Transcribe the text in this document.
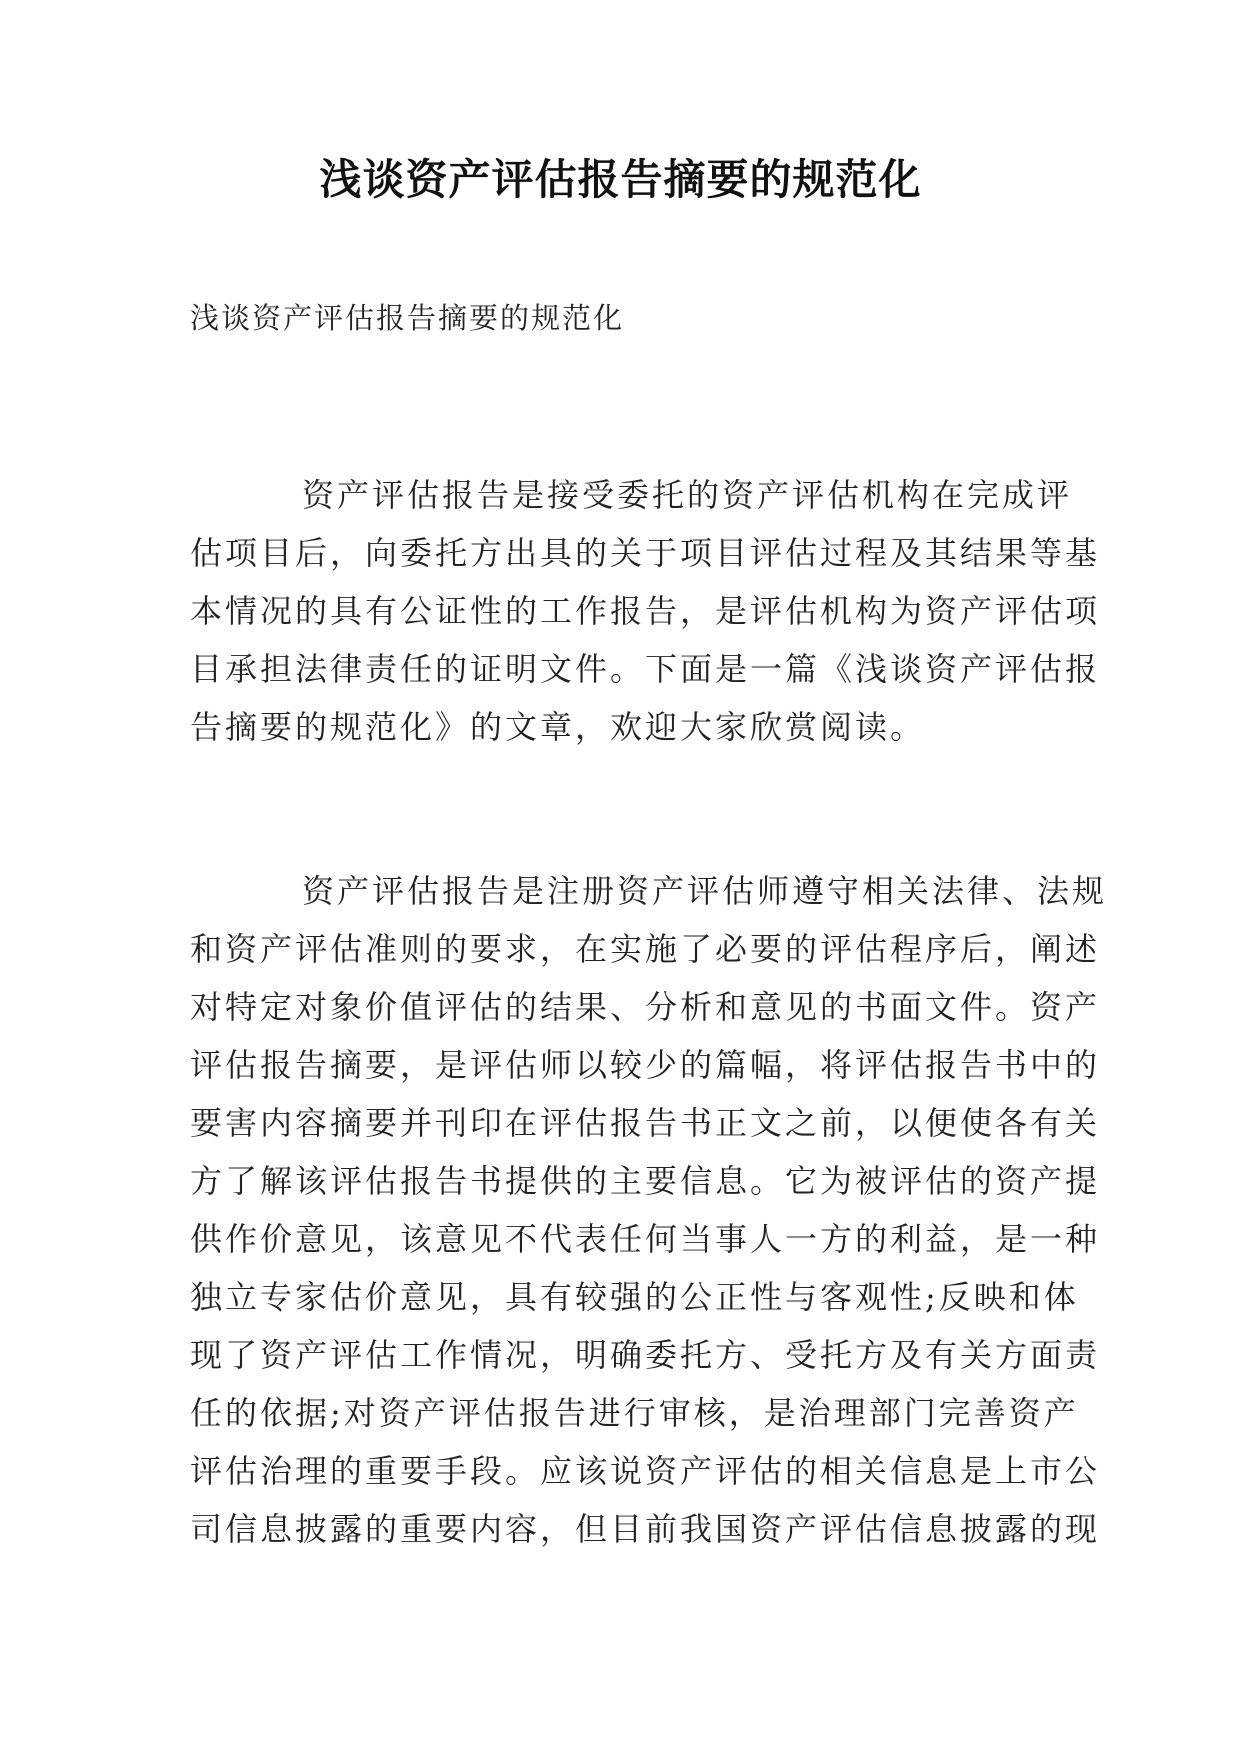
浅谈资产评估报告摘要的规范化
浅谈资产评估报告摘要的规范化

资产评估报告是接受委托的资产评估机构在完成评
估项目后，向委托方出具的关于项目评估过程及其结果等基
本情况的具有公证性的工作报告，是评估机构为资产评估项
目承担法律责任的证明文件。下面是一篇《浅谈资产评估报
告摘要的规范化》的文章，欢迎大家欣赏阅读。

资产评估报告是注册资产评估师遵守相关法律、法规
和资产评估准则的要求，在实施了必要的评估程序后，阐述
对特定对象价值评估的结果、分析和意见的书面文件。资产
评估报告摘要，是评估师以较少的篇幅，将评估报告书中的
要害内容摘要并刊印在评估报告书正文之前，以便使各有关
方了解该评估报告书提供的主要信息。它为被评估的资产提
供作价意见，该意见不代表任何当事人一方的利益，是一种
独立专家估价意见，具有较强的公正性与客观性;反映和体
现了资产评估工作情况，明确委托方、受托方及有关方面责
任的依据;对资产评估报告进行审核，是治理部门完善资产
评估治理的重要手段。应该说资产评估的相关信息是上市公
司信息披露的重要内容，但目前我国资产评估信息披露的现
